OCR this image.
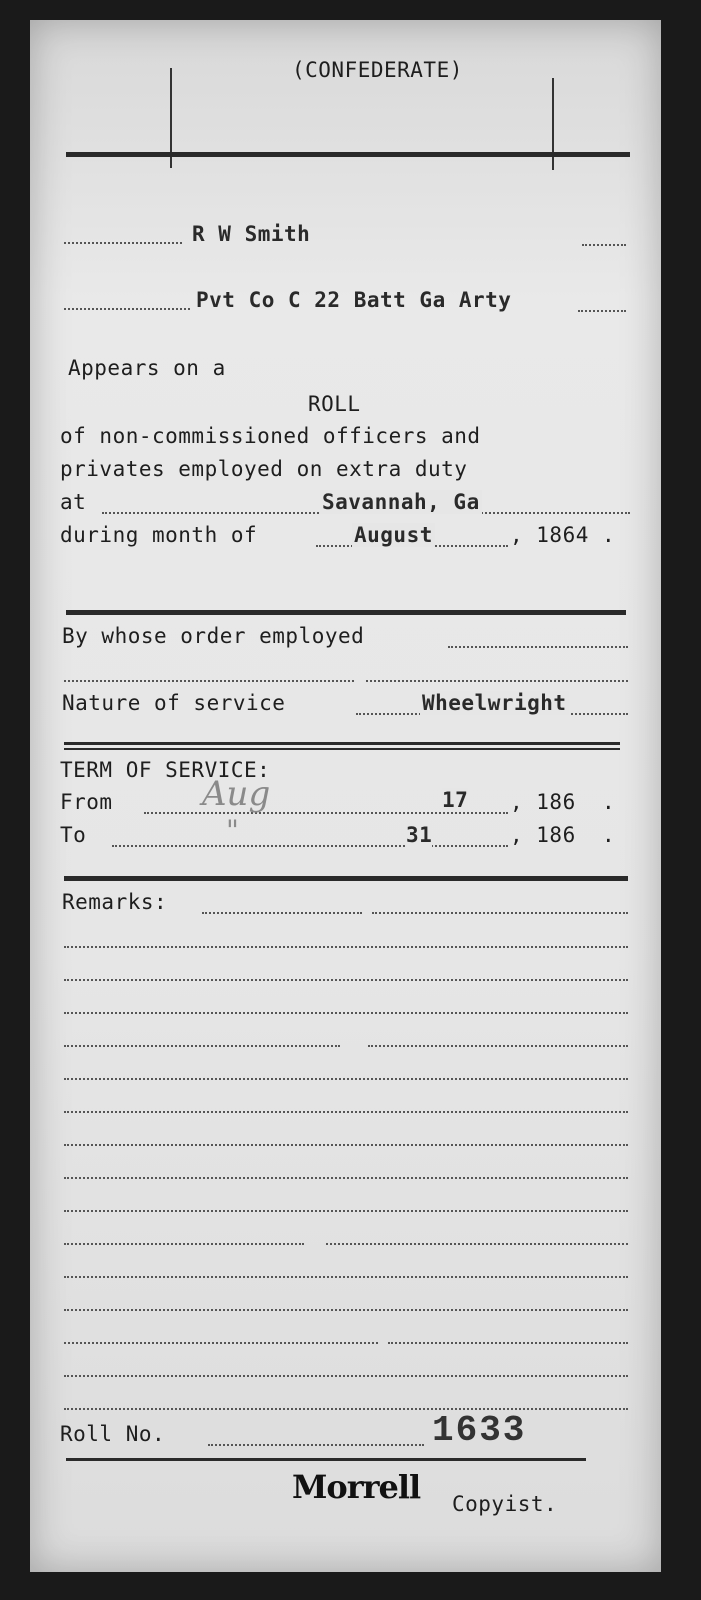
(CONFEDERATE)
R W Smith
Pvt Co C 22 Batt Ga Arty
Appears on a
ROLL
of non-commissioned officers and
privates employed on extra duty
at	Savannah, Ga
during month of	August	, 1864 .
By whose order employed
Nature of service	Wheelwright
TERM OF SERVICE:
From	Aug	17 , 186  .
To	"	31	, 186  .
Remarks:
Roll No.	1633
Morrell Copyist.
